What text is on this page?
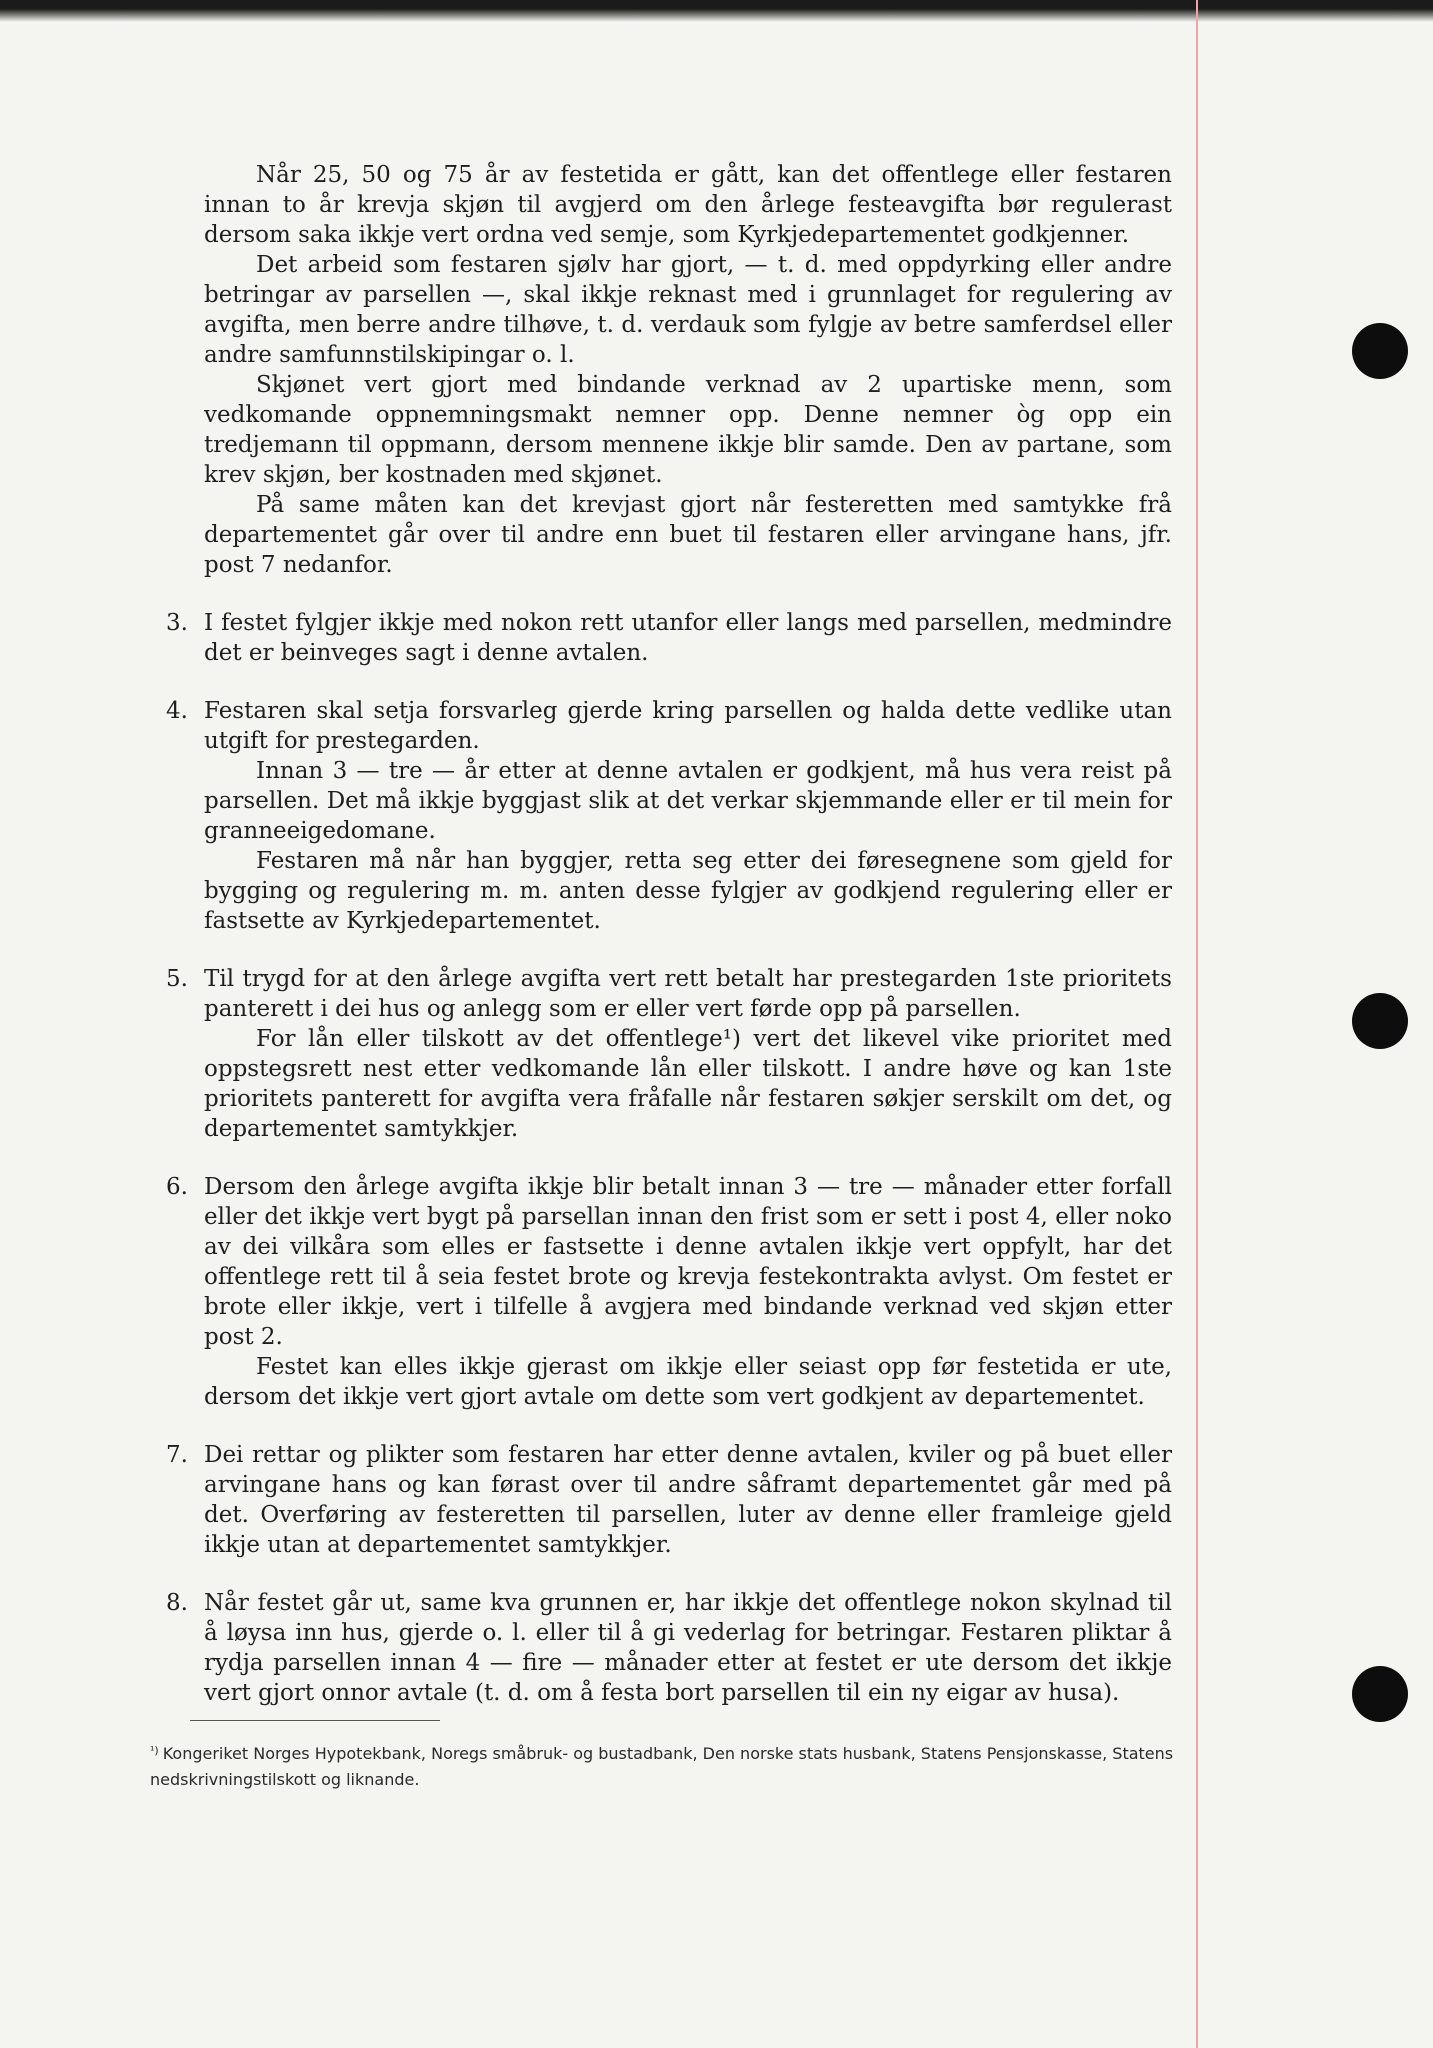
Når 25, 50 og 75 år av festetida er gått, kan det offentlege eller festaren innan to år krevja skjøn til avgjerd om den årlege festeavgifta bør regulerast dersom saka ikkje vert ordna ved semje, som Kyrkjedepartementet godkjenner.

Det arbeid som festaren sjølv har gjort, — t. d. med oppdyrking eller andre betringar av parsellen —, skal ikkje reknast med i grunnlaget for regulering av avgifta, men berre andre tilhøve, t. d. verdauk som fylgje av betre samferdsel eller andre samfunnstilskipingar o. l.

Skjønet vert gjort med bindande verknad av 2 upartiske menn, som vedkomande oppnemningsmakt nemner opp. Denne nemner òg opp ein tredjemann til oppmann, dersom mennene ikkje blir samde. Den av partane, som krev skjøn, ber kostnaden med skjønet.

På same måten kan det krevjast gjort når festeretten med samtykke frå departementet går over til andre enn buet til festaren eller arvingane hans, jfr. post 7 nedanfor.

3. I festet fylgjer ikkje med nokon rett utanfor eller langs med parsellen, medmindre det er beinveges sagt i denne avtalen.

4. Festaren skal setja forsvarleg gjerde kring parsellen og halda dette vedlike utan utgift for prestegarden.

Innan 3 — tre — år etter at denne avtalen er godkjent, må hus vera reist på parsellen. Det må ikkje byggjast slik at det verkar skjemmande eller er til mein for granneeigedomane.

Festaren må når han byggjer, retta seg etter dei føresegnene som gjeld for bygging og regulering m. m. anten desse fylgjer av godkjend regulering eller er fastsette av Kyrkjedepartementet.

5. Til trygd for at den årlege avgifta vert rett betalt har prestegarden 1ste prioritets panterett i dei hus og anlegg som er eller vert førde opp på parsellen.

For lån eller tilskott av det offentlege¹) vert det likevel vike prioritet med oppstegsrett nest etter vedkomande lån eller tilskott. I andre høve og kan 1ste prioritets panterett for avgifta vera fråfalle når festaren søkjer serskilt om det, og departementet samtykkjer.

6. Dersom den årlege avgifta ikkje blir betalt innan 3 — tre — månader etter forfall eller det ikkje vert bygt på parsellan innan den frist som er sett i post 4, eller noko av dei vilkåra som elles er fastsette i denne avtalen ikkje vert oppfylt, har det offentlege rett til å seia festet brote og krevja festekontrakta avlyst. Om festet er brote eller ikkje, vert i tilfelle å avgjera med bindande verknad ved skjøn etter post 2.

Festet kan elles ikkje gjerast om ikkje eller seiast opp før festetida er ute, dersom det ikkje vert gjort avtale om dette som vert godkjent av departementet.

7. Dei rettar og plikter som festaren har etter denne avtalen, kviler og på buet eller arvingane hans og kan førast over til andre såframt departementet går med på det. Overføring av festeretten til parsellen, luter av denne eller framleige gjeld ikkje utan at departementet samtykkjer.

8. Når festet går ut, same kva grunnen er, har ikkje det offentlege nokon skylnad til å løysa inn hus, gjerde o. l. eller til å gi vederlag for betringar. Festaren pliktar å rydja parsellen innan 4 — fire — månader etter at festet er ute dersom det ikkje vert gjort onnor avtale (t. d. om å festa bort parsellen til ein ny eigar av husa).

$^{^1)}$ Kongeriket Norges Hypotekbank, Noregs småbruk- og bustadbank, Den norske stats husbank, Statens Pensjonskasse, Statens nedskrivningstilskott og liknande.
